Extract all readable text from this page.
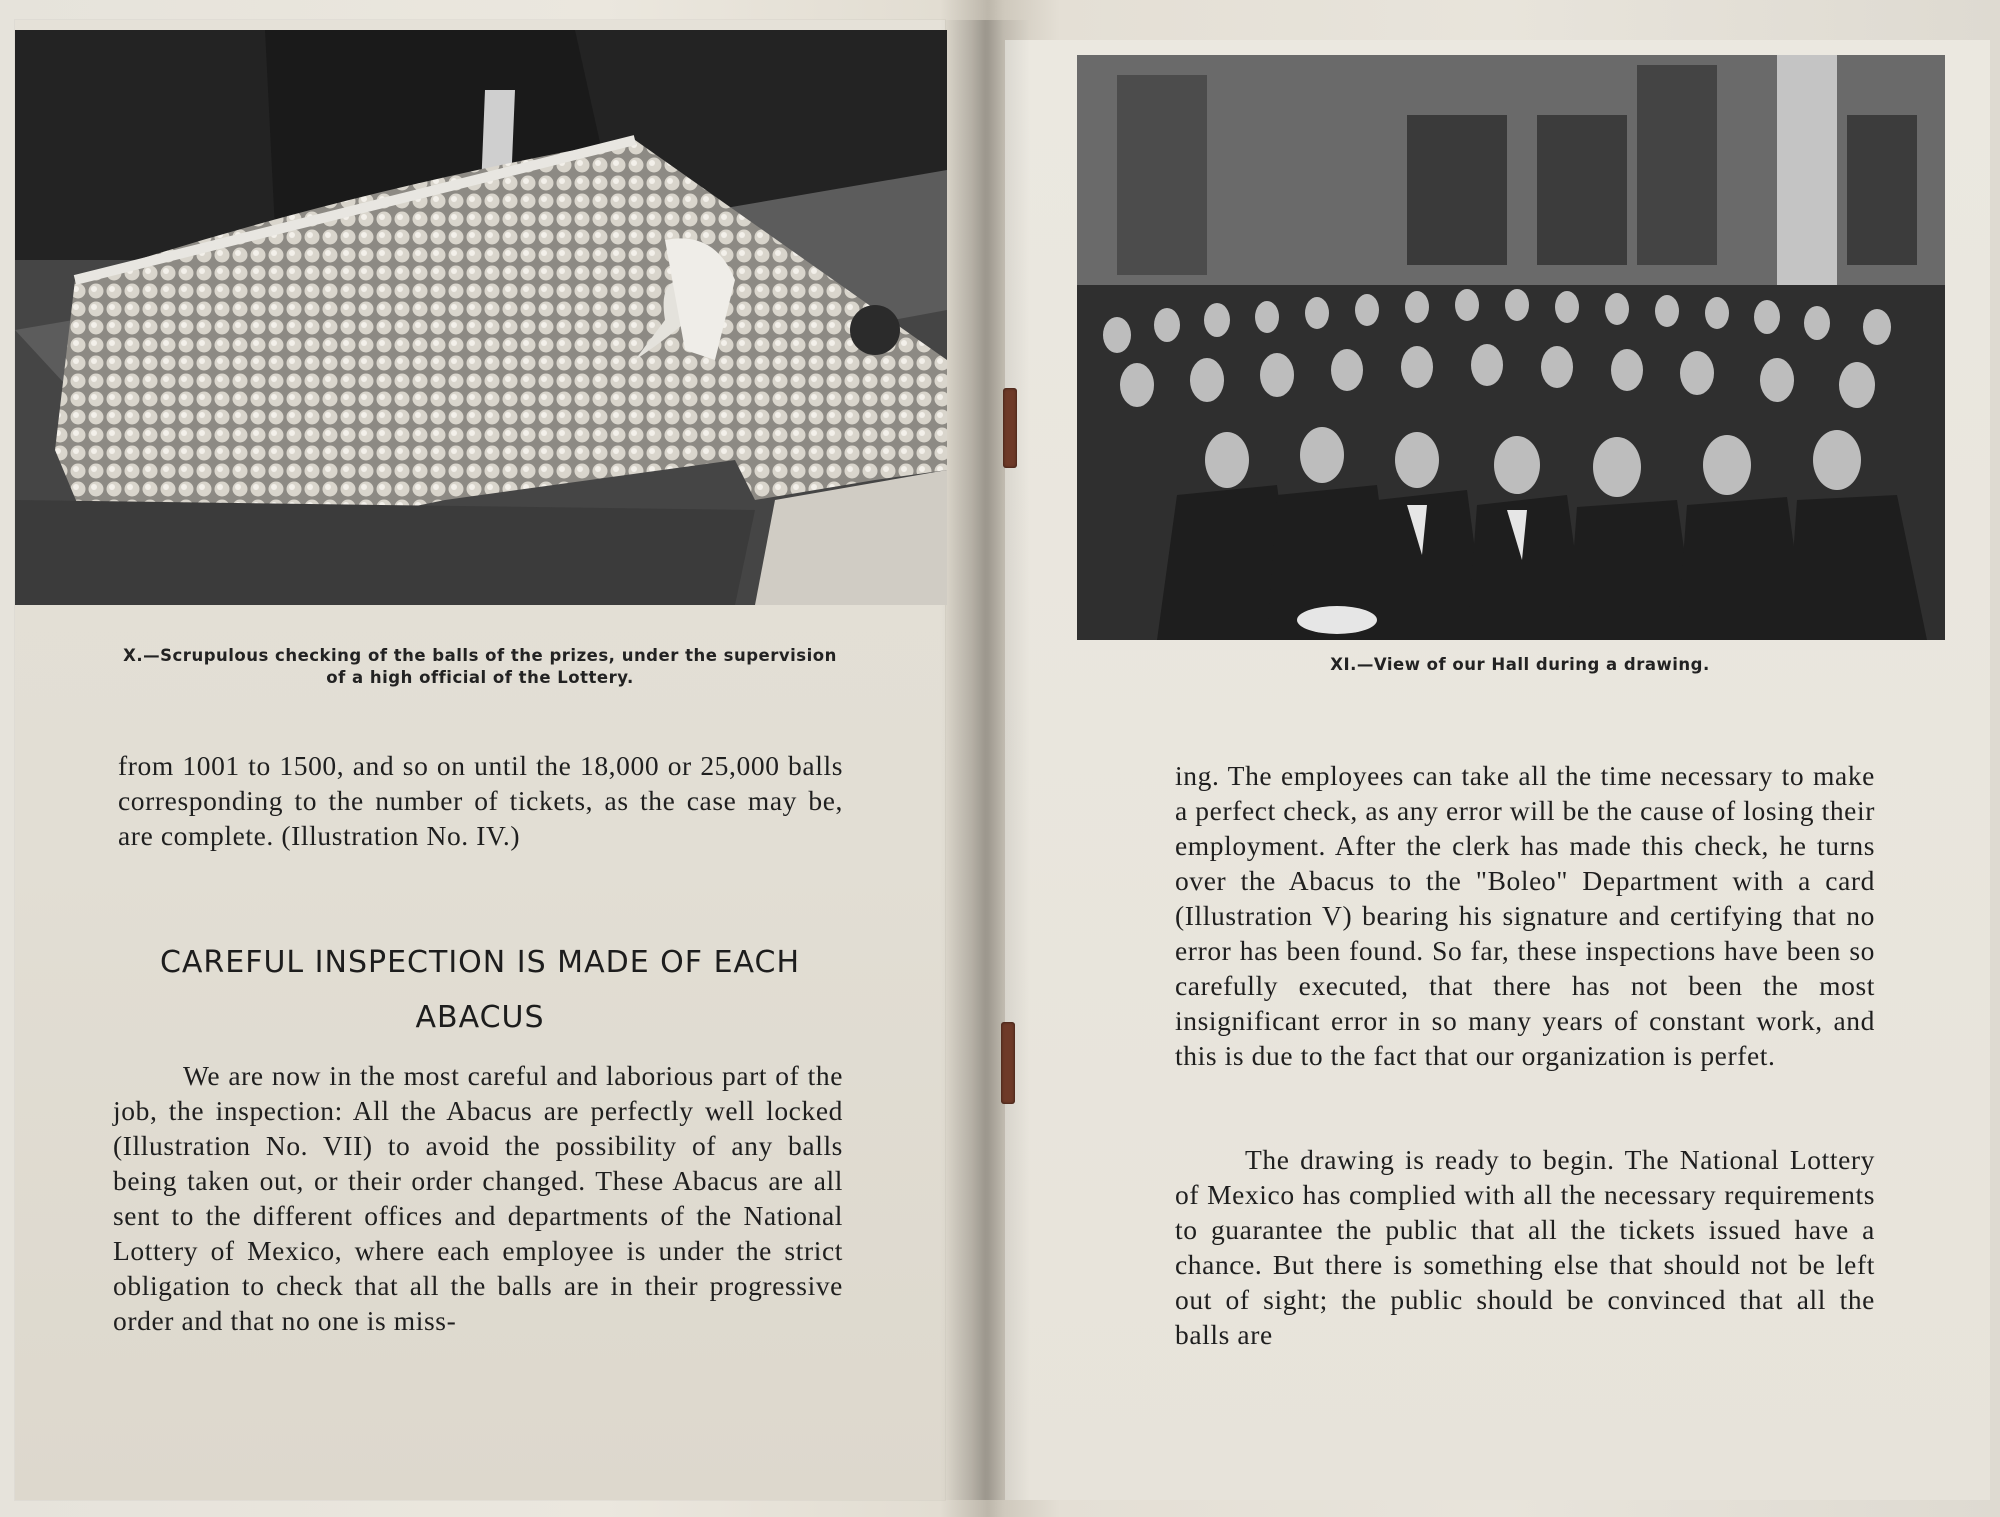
X.—Scrupulous checking of the balls of the prizes, under the supervision
of a high official of the Lottery.
XI.—View of our Hall during a drawing.

from 1001 to 1500, and so on until the 18,000 or 25,000 balls corresponding to the number of tickets, as the case may be, are complete. (Illustration No. IV.)

CAREFUL INSPECTION IS MADE OF EACH
ABACUS

We are now in the most careful and laborious part of the job, the inspection: All the Abacus are perfectly well locked (Illustration No. VII) to avoid the possibility of any balls being taken out, or their order changed. These Abacus are all sent to the different offices and departments of the National Lottery of Mexico, where each employee is under the strict obligation to check that all the balls are in their progressive order and that no one is miss-

ing. The employees can take all the time necessary to make a perfect check, as any error will be the cause of losing their employment. After the clerk has made this check, he turns over the Abacus to the "Boleo" Department with a card (Illustration V) bearing his signature and certifying that no error has been found. So far, these inspections have been so carefully executed, that there has not been the most insignificant error in so many years of constant work, and this is due to the fact that our organization is perfet.

The drawing is ready to begin. The National Lottery of Mexico has complied with all the necessary requirements to guarantee the public that all the tickets issued have a chance. But there is something else that should not be left out of sight; the public should be convinced that all the balls are
